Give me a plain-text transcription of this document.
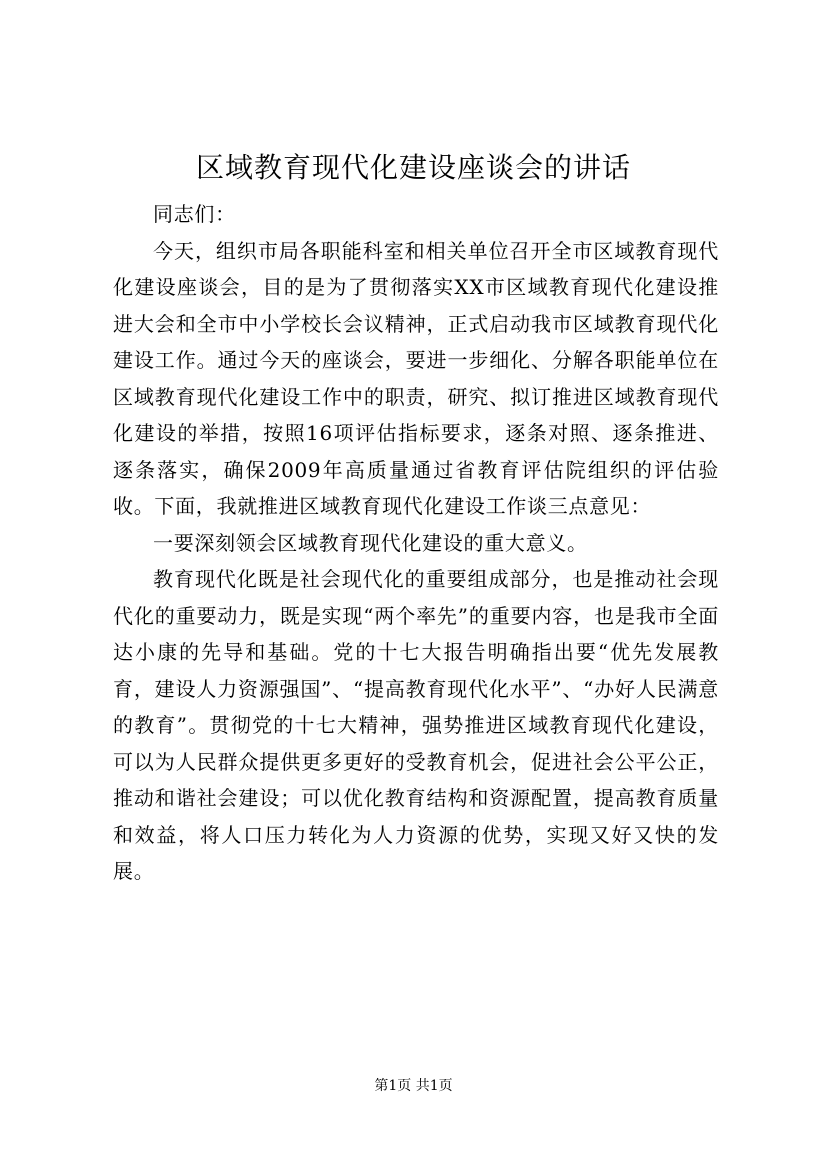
区域教育现代化建设座谈会的讲话

同志们：

今天，组织市局各职能科室和相关单位召开全市区域教育现代化建设座谈会，目的是为了贯彻落实XX市区域教育现代化建设推进大会和全市中小学校长会议精神，正式启动我市区域教育现代化建设工作。通过今天的座谈会，要进一步细化、分解各职能单位在区域教育现代化建设工作中的职责，研究、拟订推进区域教育现代化建设的举措，按照16项评估指标要求，逐条对照、逐条推进、逐条落实，确保2009年高质量通过省教育评估院组织的评估验收。下面，我就推进区域教育现代化建设工作谈三点意见：

一要深刻领会区域教育现代化建设的重大意义。

教育现代化既是社会现代化的重要组成部分，也是推动社会现代化的重要动力，既是实现“两个率先”的重要内容，也是我市全面达小康的先导和基础。党的十七大报告明确指出要“优先发展教育，建设人力资源强国”、“提高教育现代化水平”、“办好人民满意的教育”。贯彻党的十七大精神，强势推进区域教育现代化建设，可以为人民群众提供更多更好的受教育机会，促进社会公平公正，推动和谐社会建设；可以优化教育结构和资源配置，提高教育质量和效益，将人口压力转化为人力资源的优势，实现又好又快的发展。

第1页 共1页
